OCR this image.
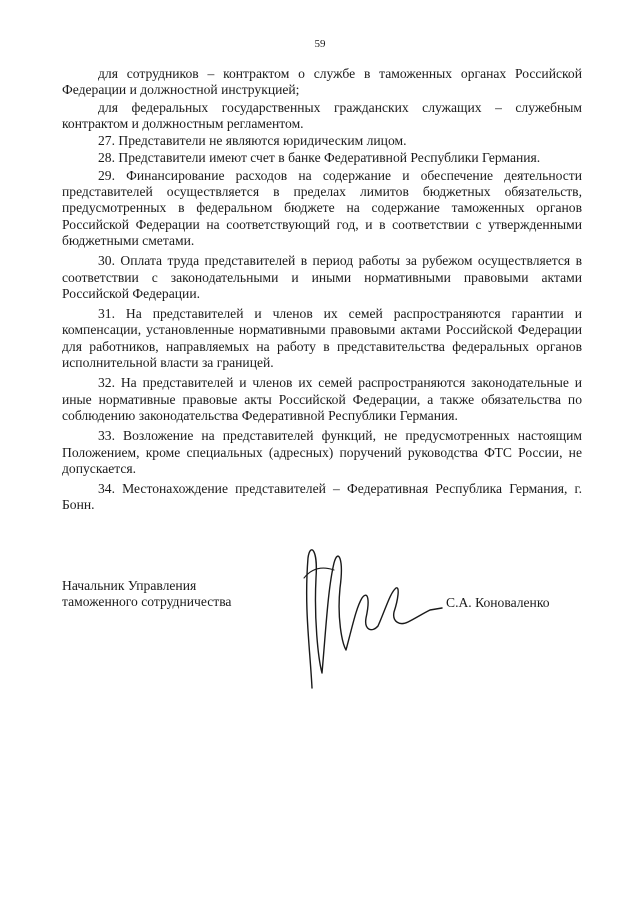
59

для сотрудников – контрактом о службе в таможенных органах Российской Федерации и должностной инструкцией;

для федеральных государственных гражданских служащих – служебным контрактом и должностным регламентом.

27. Представители не являются юридическим лицом.

28. Представители имеют счет в банке Федеративной Республики Германия.

29. Финансирование расходов на содержание и обеспечение деятельности представителей осуществляется в пределах лимитов бюджетных обязательств, предусмотренных в федеральном бюджете на содержание таможенных органов Российской Федерации на соответствующий год, и в соответствии с утвержденными бюджетными сметами.

30. Оплата труда представителей в период работы за рубежом осуществляется в соответствии с законодательными и иными нормативными правовыми актами Российской Федерации.

31. На представителей и членов их семей распространяются гарантии и компенсации, установленные нормативными правовыми актами Российской Федерации для работников, направляемых на работу в представительства федеральных органов исполнительной власти за границей.

32. На представителей и членов их семей распространяются законодательные и иные нормативные правовые акты Российской Федерации, а также обязательства по соблюдению законодательства Федеративной Республики Германия.

33. Возложение на представителей функций, не предусмотренных настоящим Положением, кроме специальных (адресных) поручений руководства ФТС России, не допускается.

34. Местонахождение представителей – Федеративная Республика Германия, г. Бонн.

Начальник Управления
таможенного сотрудничества	С.А. Коноваленко
